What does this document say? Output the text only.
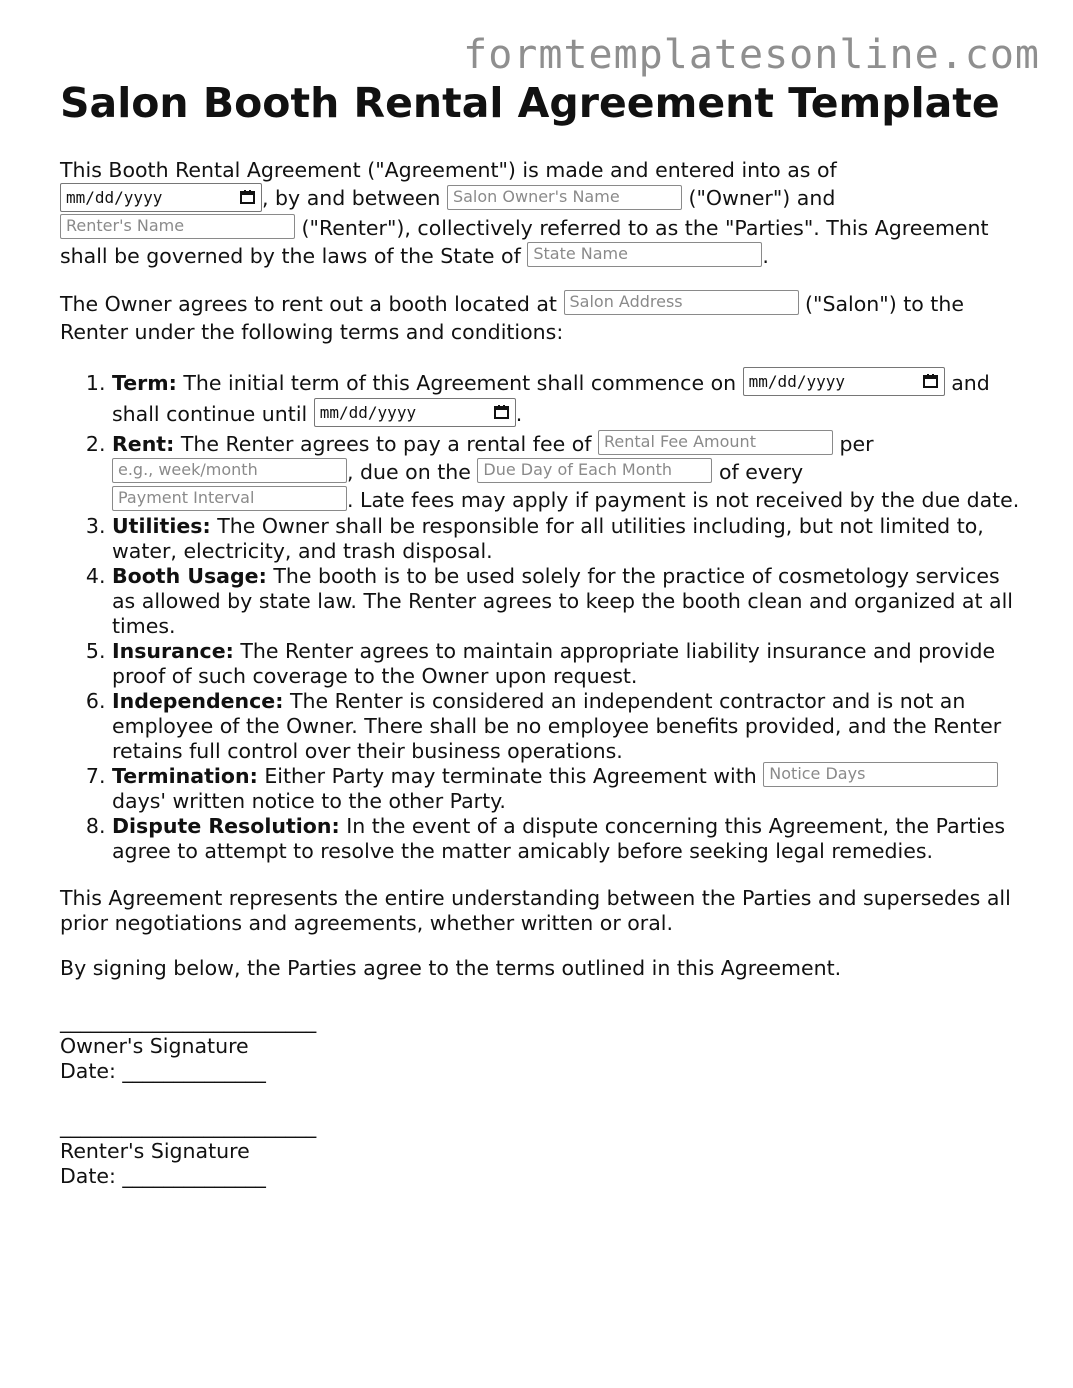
formtemplatesonline.com
Salon Booth Rental Agreement Template

This Booth Rental Agreement ("Agreement") is made and entered into as of
mm/dd/yyyy	, by and between Salon Owner's Name	("Owner") and
Renter's Name	("Renter"), collectively referred to as the "Parties". This Agreement shall be governed by the laws of the State of State Name	.

The Owner agrees to rent out a booth located at Salon Address	("Salon") to the Renter under the following terms and conditions:

1. Term: The initial term of this Agreement shall commence on mm/dd/yyyy	and shall continue until mm/dd/yyyy	.
2. Rent: The Renter agrees to pay a rental fee of Rental Fee Amount	per e.g., week/month	, due on the Due Day of Each Month of every Payment Interval	. Late fees may apply if payment is not received by the due date.
3. Utilities: The Owner shall be responsible for all utilities including, but not limited to, water, electricity, and trash disposal.
4. Booth Usage: The booth is to be used solely for the practice of cosmetology services as allowed by state law. The Renter agrees to keep the booth clean and organized at all times.
5. Insurance: The Renter agrees to maintain appropriate liability insurance and provide proof of such coverage to the Owner upon request.
6. Independence: The Renter is considered an independent contractor and is not an employee of the Owner. There shall be no employee benefits provided, and the Renter retains full control over their business operations.
7. Termination: Either Party may terminate this Agreement with Notice Days days' written notice to the other Party.
8. Dispute Resolution: In the event of a dispute concerning this Agreement, the Parties agree to attempt to resolve the matter amicably before seeking legal remedies.

This Agreement represents the entire understanding between the Parties and supersedes all prior negotiations and agreements, whether written or oral.

By signing below, the Parties agree to the terms outlined in this Agreement.

_________________________
Owner's Signature
Date: ______________
_________________________
Renter's Signature
Date: ______________
